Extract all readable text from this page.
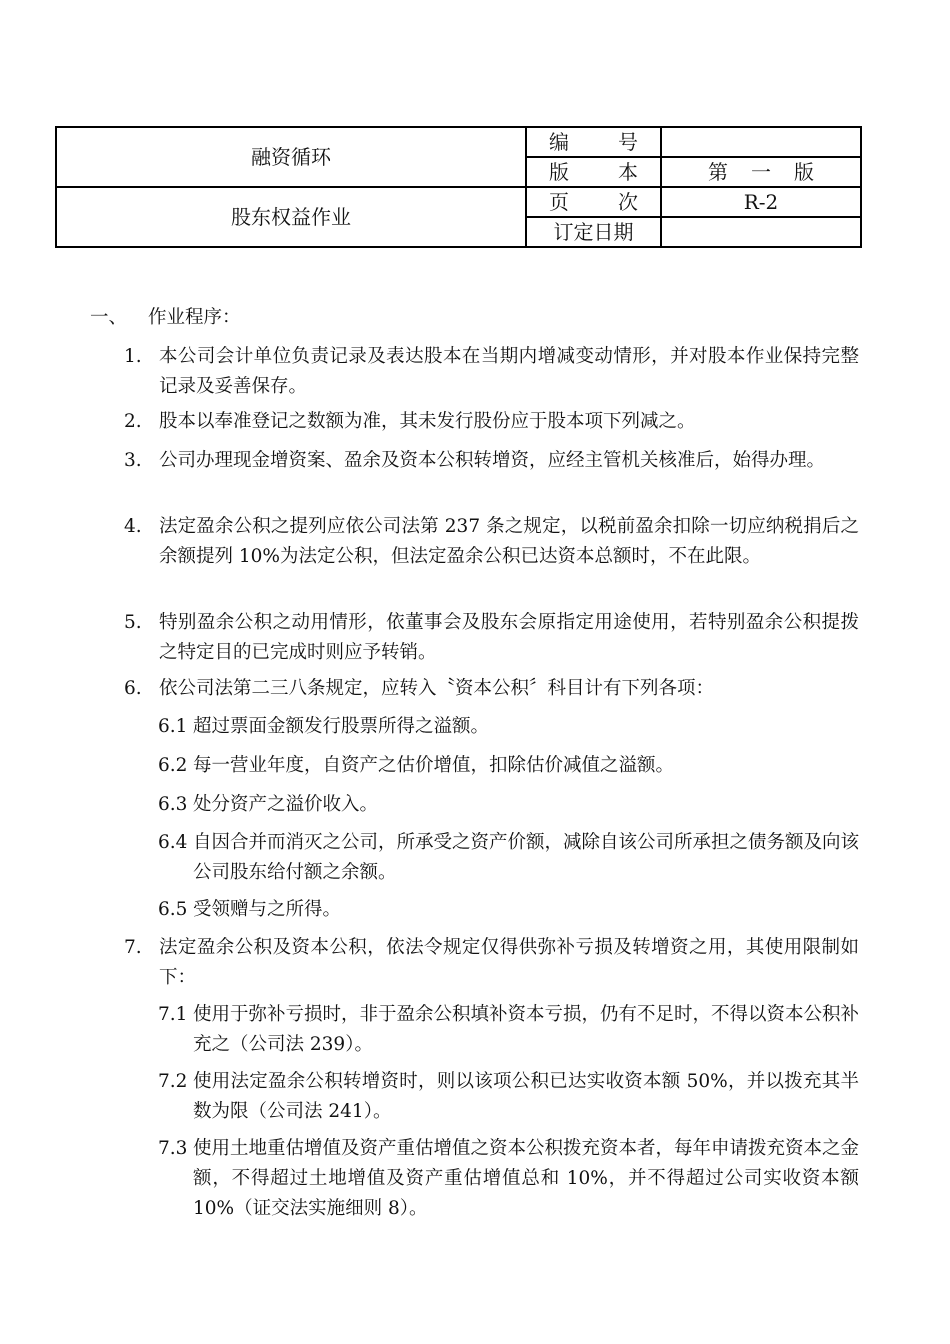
融资循环	编 号	

	版 本	第 一 版

股东权益作业	页 次	R-2
	订定日期	
一、 作业程序：
1. 本公司会计单位负责记录及表达股本在当期内增减变动情形，并对股本作业保持完整记录及妥善保存。
2. 股本以奉准登记之数额为准，其未发行股份应于股本项下列减之。
3. 公司办理现金增资案、盈余及资本公积转增资，应经主管机关核准后，始得办理。
4. 法定盈余公积之提列应依公司法第 237 条之规定，以税前盈余扣除一切应纳税捐后之余额提列 10%为法定公积，但法定盈余公积已达资本总额时，不在此限。
5. 特别盈余公积之动用情形，依董事会及股东会原指定用途使用，若特别盈余公积提拨之特定目的已完成时则应予转销。
6. 依公司法第二三八条规定，应转入〝资本公积〞科目计有下列各项：
6.1 超过票面金额发行股票所得之溢额。
6.2 每一营业年度，自资产之估价增值，扣除估价减值之溢额。
6.3 处分资产之溢价收入。
6.4 自因合并而消灭之公司，所承受之资产价额，减除自该公司所承担之债务额及向该公司股东给付额之余额。
6.5 受领赠与之所得。
7. 法定盈余公积及资本公积，依法令规定仅得供弥补亏损及转增资之用，其使用限制如下：
7.1 使用于弥补亏损时，非于盈余公积填补资本亏损，仍有不足时，不得以资本公积补充之（公司法 239）。
7.2 使用法定盈余公积转增资时，则以该项公积已达实收资本额 50%，并以拨充其半数为限（公司法 241）。
7.3 使用土地重估增值及资产重估增值之资本公积拨充资本者，每年申请拨充资本之金额，不得超过土地增值及资产重估增值总和 10%，并不得超过公司实收资本额 10%（证交法实施细则 8）。
